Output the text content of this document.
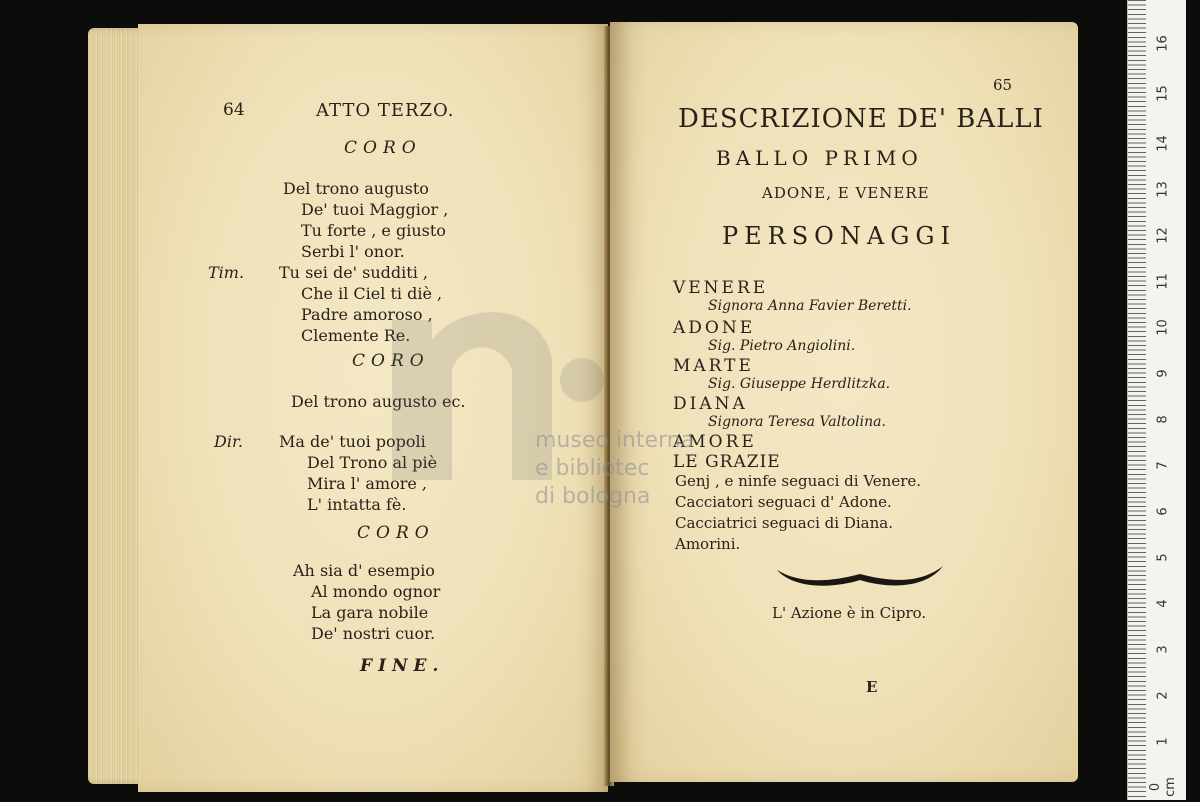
64	ATTO TERZO.
CORO
Del trono augusto
De' tuoi Maggior ,
Tu forte , e giusto
Serbi l' onor.
Tim. Tu sei de' sudditi ,
Che il Ciel ti diè ,
Padre amoroso ,
Clemente Re.
CORO
Del trono augusto ec.
Dir. Ma de' tuoi popoli
Del Trono al piè
Mira l' amore ,
L' intatta fè.
CORO
Ah sia d' esempio
Al mondo ognor
La gara nobile
De' nostri cuor.
FINE.
65
DESCRIZIONE DE' BALLI
BALLO PRIMO
ADONE, E VENERE
PERSONAGGI
VENERE
Signora Anna Favier Beretti.
ADONE
Sig. Pietro Angiolini.
MARTE
Sig. Giuseppe Herdlitzka.
DIANA
Signora Teresa Valtolina.
AMORE
LE GRAZIE
Genj , e ninfe seguaci di Venere.
Cacciatori seguaci d' Adone.
Cacciatrici seguaci di Diana.
Amorini.
L' Azione è in Cipro.
E
museo interna
e bibliotec
di bologna
0 cm
1
2
3
4
5
6
7
8
9
10
11
12
13
14
15
16
